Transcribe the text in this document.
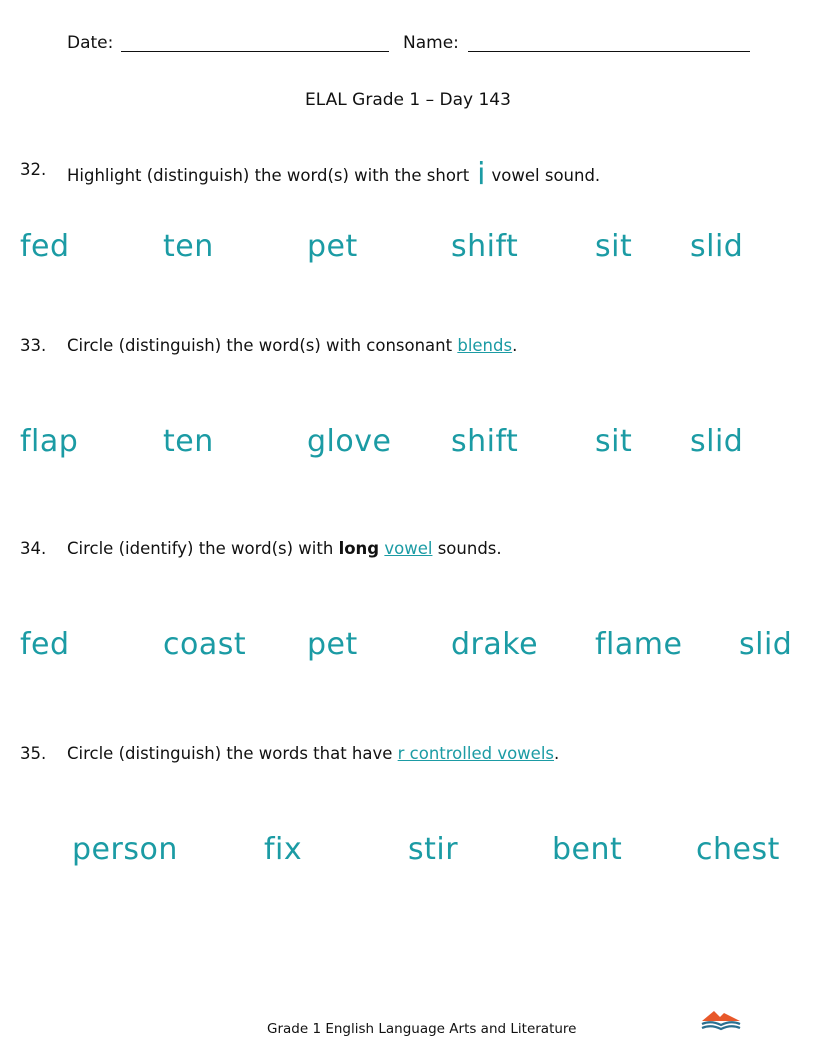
Date:	Name:
ELAL Grade 1 – Day 143
32. Highlight (distinguish) the word(s) with the short i vowel sound.
fed	ten	pet	shift	sit slid
33. Circle (distinguish) the word(s) with consonant blends.
flap	ten	glove shift	sit slid
34. Circle (identify) the word(s) with long vowel sounds.
fed	coast pet	drake flame slid
35. Circle (distinguish) the words that have r controlled vowels.
person	fix	stir	bent chest
Grade 1 English Language Arts and Literature
